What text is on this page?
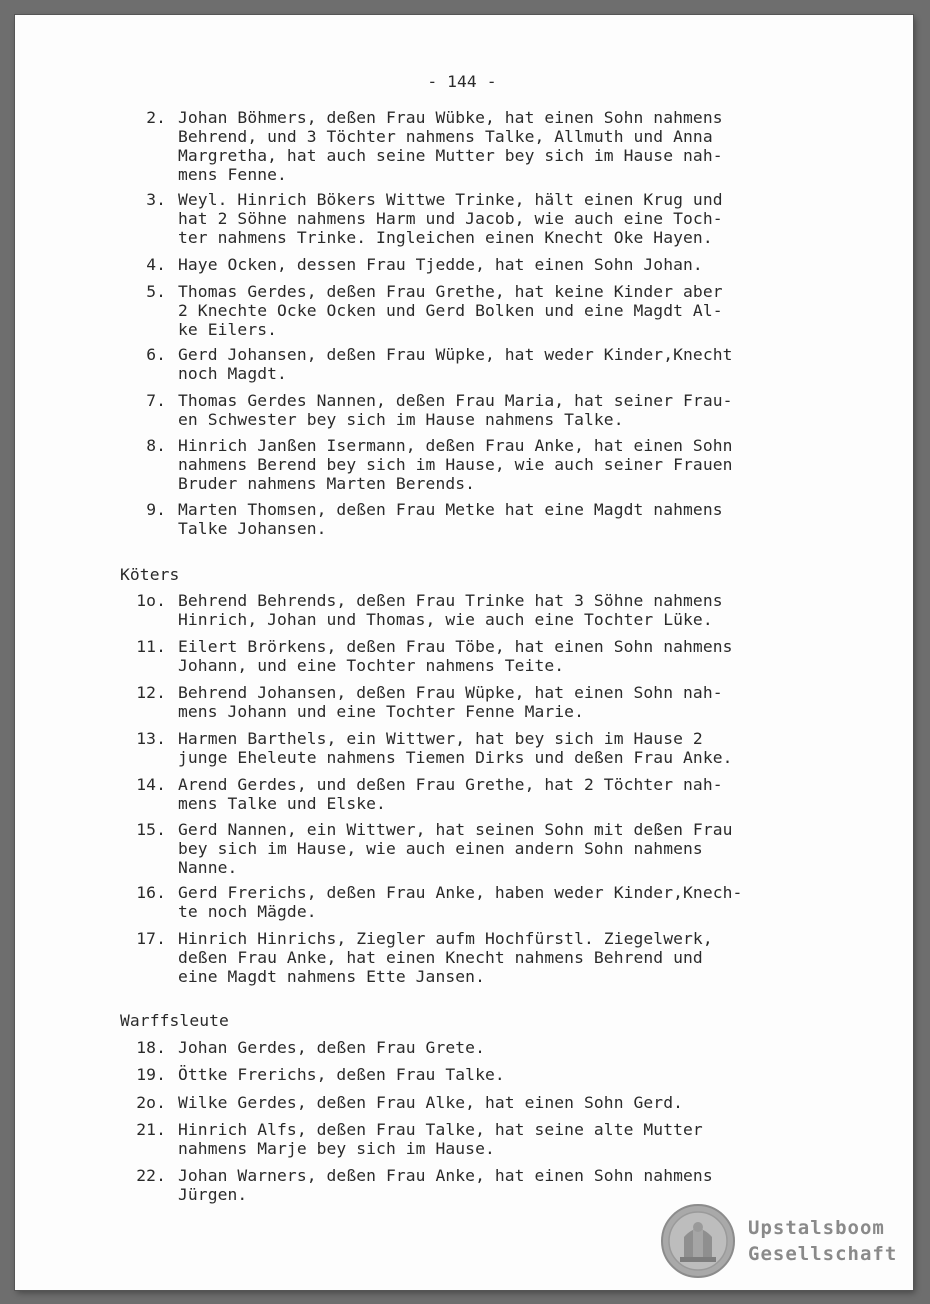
- 144 -
2. Johan Böhmers, deßen Frau Wübke, hat einen Sohn nahmens
Behrend, und 3 Töchter nahmens Talke, Allmuth und Anna
Margretha, hat auch seine Mutter bey sich im Hause nah-
mens Fenne.
3. Weyl. Hinrich Bökers Wittwe Trinke, hält einen Krug und
hat 2 Söhne nahmens Harm und Jacob, wie auch eine Toch-
ter nahmens Trinke. Ingleichen einen Knecht Oke Hayen.
4. Haye Ocken, dessen Frau Tjedde, hat einen Sohn Johan.
5. Thomas Gerdes, deßen Frau Grethe, hat keine Kinder aber
2 Knechte Ocke Ocken und Gerd Bolken und eine Magdt Al-
ke Eilers.
6. Gerd Johansen, deßen Frau Wüpke, hat weder Kinder,Knecht
noch Magdt.
7. Thomas Gerdes Nannen, deßen Frau Maria, hat seiner Frau-
en Schwester bey sich im Hause nahmens Talke.
8. Hinrich Janßen Isermann, deßen Frau Anke, hat einen Sohn
nahmens Berend bey sich im Hause, wie auch seiner Frauen
Bruder nahmens Marten Berends.
9. Marten Thomsen, deßen Frau Metke hat eine Magdt nahmens
Talke Johansen.
Köters
1o. Behrend Behrends, deßen Frau Trinke hat 3 Söhne nahmens
Hinrich, Johan und Thomas, wie auch eine Tochter Lüke.
11. Eilert Brörkens, deßen Frau Töbe, hat einen Sohn nahmens
Johann, und eine Tochter nahmens Teite.
12. Behrend Johansen, deßen Frau Wüpke, hat einen Sohn nah-
mens Johann und eine Tochter Fenne Marie.
13. Harmen Barthels, ein Wittwer, hat bey sich im Hause 2
junge Eheleute nahmens Tiemen Dirks und deßen Frau Anke.
14. Arend Gerdes, und deßen Frau Grethe, hat 2 Töchter nah-
mens Talke und Elske.
15. Gerd Nannen, ein Wittwer, hat seinen Sohn mit deßen Frau
bey sich im Hause, wie auch einen andern Sohn nahmens
Nanne.
16. Gerd Frerichs, deßen Frau Anke, haben weder Kinder,Knech-
te noch Mägde.
17. Hinrich Hinrichs, Ziegler aufm Hochfürstl. Ziegelwerk,
deßen Frau Anke, hat einen Knecht nahmens Behrend und
eine Magdt nahmens Ette Jansen.
Warffsleute
18. Johan Gerdes, deßen Frau Grete.
19. Öttke Frerichs, deßen Frau Talke.
2o. Wilke Gerdes, deßen Frau Alke, hat einen Sohn Gerd.
21. Hinrich Alfs, deßen Frau Talke, hat seine alte Mutter
nahmens Marje bey sich im Hause.
22. Johan Warners, deßen Frau Anke, hat einen Sohn nahmens
Jürgen.
Upstalsboom
Gesellschaft
